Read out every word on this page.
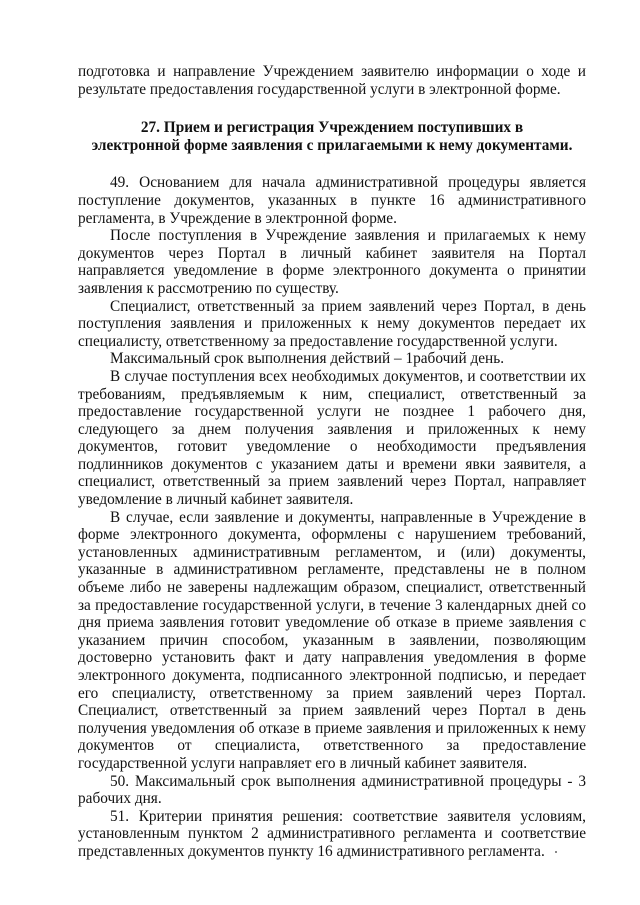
подготовка и направление Учреждением заявителю информации о ходе и результате предоставления государственной услуги в электронной форме.

27. Прием и регистрация Учреждением поступивших в
электронной форме заявления с прилагаемыми к нему документами.

49. Основанием для начала административной процедуры является поступление документов, указанных в пункте 16 административного регламента, в Учреждение в электронной форме.

После поступления в Учреждение заявления и прилагаемых к нему документов через Портал в личный кабинет заявителя на Портал направляется уведомление в форме электронного документа о принятии заявления к рассмотрению по существу.

Специалист, ответственный за прием заявлений через Портал, в день поступления заявления и приложенных к нему документов передает их специалисту, ответственному за предоставление государственной услуги.

Максимальный срок выполнения действий – 1рабочий день.

В случае поступления всех необходимых документов, и соответствии их требованиям, предъявляемым к ним, специалист, ответственный за предоставление государственной услуги не позднее 1 рабочего дня, следующего за днем получения заявления и приложенных к нему документов, готовит уведомление о необходимости предъявления подлинников документов с указанием даты и времени явки заявителя, а специалист, ответственный за прием заявлений через Портал, направляет уведомление в личный кабинет заявителя.

В случае, если заявление и документы, направленные в Учреждение в форме электронного документа, оформлены с нарушением требований, установленных административным регламентом, и (или) документы, указанные в административном регламенте, представлены не в полном объеме либо не заверены надлежащим образом, специалист, ответственный за предоставление государственной услуги, в течение 3 календарных дней со дня приема заявления готовит уведомление об отказе в приеме заявления с указанием причин способом, указанным в заявлении, позволяющим достоверно установить факт и дату направления уведомления в форме электронного документа, подписанного электронной подписью, и передает его специалисту, ответственному за прием заявлений через Портал. Специалист, ответственный за прием заявлений через Портал в день получения уведомления об отказе в приеме заявления и приложенных к нему документов от специалиста, ответственного за предоставление государственной услуги направляет его в личный кабинет заявителя.

50. Максимальный срок выполнения административной процедуры - 3 рабочих дня.

51. Критерии принятия решения: соответствие заявителя условиям, установленным пунктом 2 административного регламента и соответствие представленных документов пункту 16 административного регламента.
